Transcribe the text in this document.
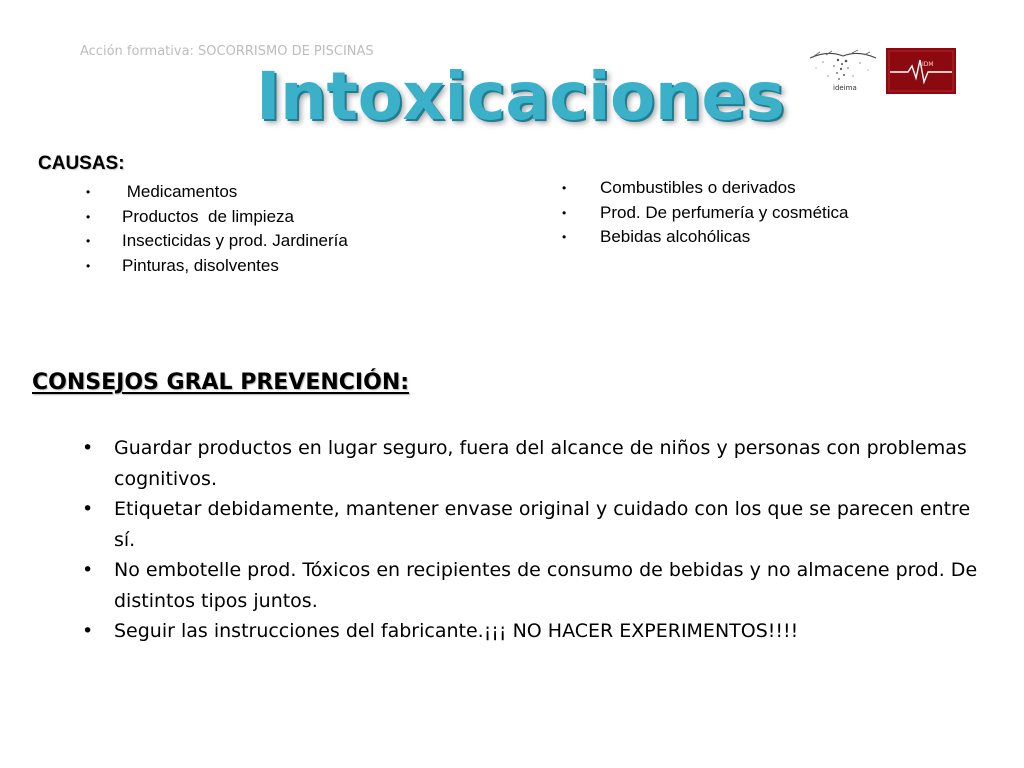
Acción formativa: SOCORRISMO DE PISCINAS
Intoxicaciones	ideima
IDM
CAUSAS:
• Medicamentos
• Productos  de limpieza
• Insecticidas y prod. Jardinería
• Pinturas, disolventes
• Combustibles o derivados
• Prod. De perfumería y cosmética
• Bebidas alcohólicas
CONSEJOS GRAL PREVENCIÓN:
• Guardar productos en lugar seguro, fuera del alcance de niños y personas con problemas cognitivos.
• Etiquetar debidamente, mantener envase original y cuidado con los que se parecen entre sí.
• No embotelle prod. Tóxicos en recipientes de consumo de bebidas y no almacene prod. De distintos tipos juntos.
• Seguir las instrucciones del fabricante.¡¡¡ NO HACER EXPERIMENTOS!!!!
